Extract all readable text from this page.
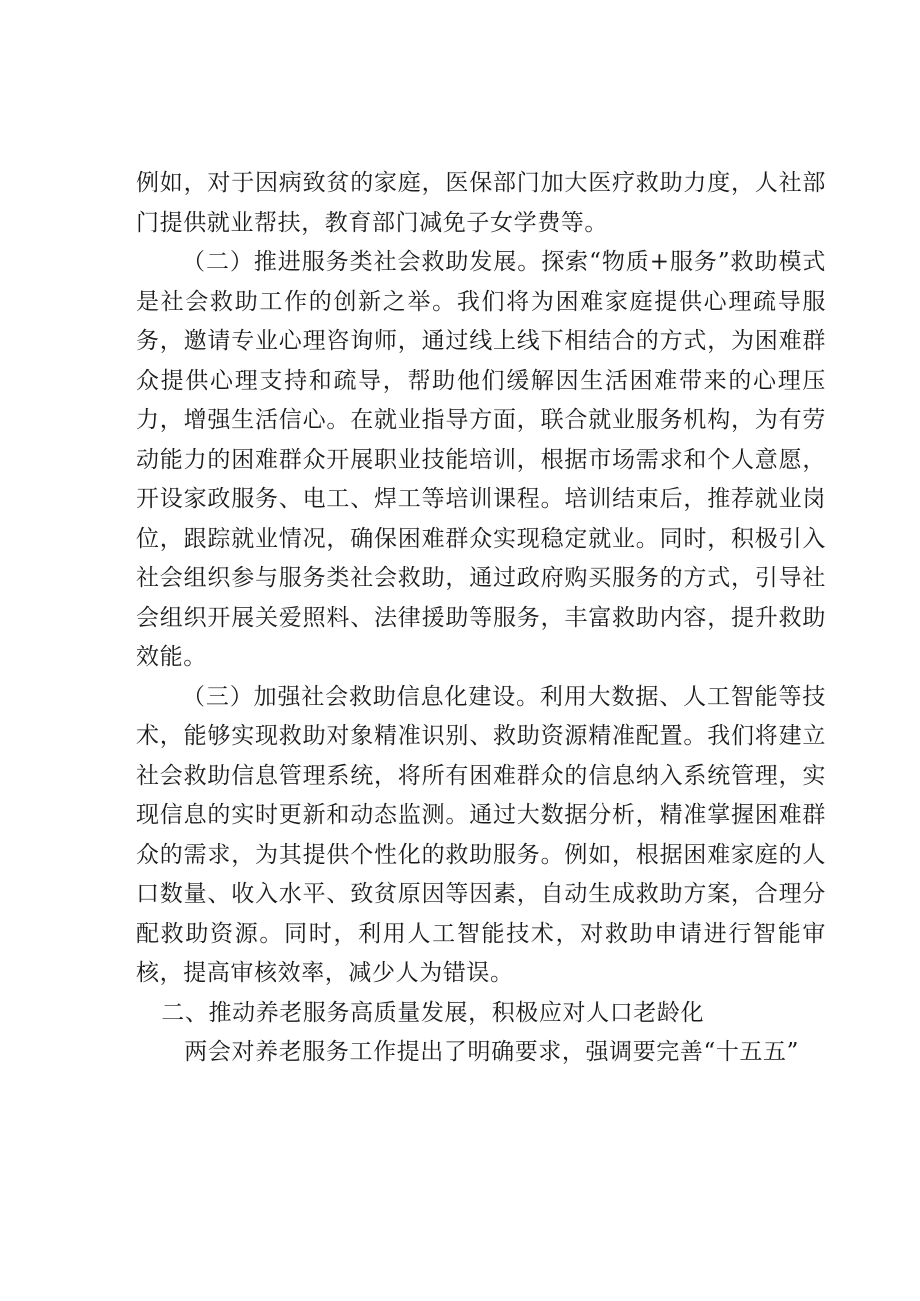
例如，对于因病致贫的家庭，医保部门加大医疗救助力度，人社部门提供就业帮扶，教育部门减免子女学费等。

（二）推进服务类社会救助发展。探索“物质+服务”救助模式是社会救助工作的创新之举。我们将为困难家庭提供心理疏导服务，邀请专业心理咨询师，通过线上线下相结合的方式，为困难群众提供心理支持和疏导，帮助他们缓解因生活困难带来的心理压力，增强生活信心。在就业指导方面，联合就业服务机构，为有劳动能力的困难群众开展职业技能培训，根据市场需求和个人意愿，开设家政服务、电工、焊工等培训课程。培训结束后，推荐就业岗位，跟踪就业情况，确保困难群众实现稳定就业。同时，积极引入社会组织参与服务类社会救助，通过政府购买服务的方式，引导社会组织开展关爱照料、法律援助等服务，丰富救助内容，提升救助效能。

（三）加强社会救助信息化建设。利用大数据、人工智能等技术，能够实现救助对象精准识别、救助资源精准配置。我们将建立社会救助信息管理系统，将所有困难群众的信息纳入系统管理，实现信息的实时更新和动态监测。通过大数据分析，精准掌握困难群众的需求，为其提供个性化的救助服务。例如，根据困难家庭的人口数量、收入水平、致贫原因等因素，自动生成救助方案，合理分配救助资源。同时，利用人工智能技术，对救助申请进行智能审核，提高审核效率，减少人为错误。

二、推动养老服务高质量发展，积极应对人口老龄化

两会对养老服务工作提出了明确要求，强调要完善“十五五”
